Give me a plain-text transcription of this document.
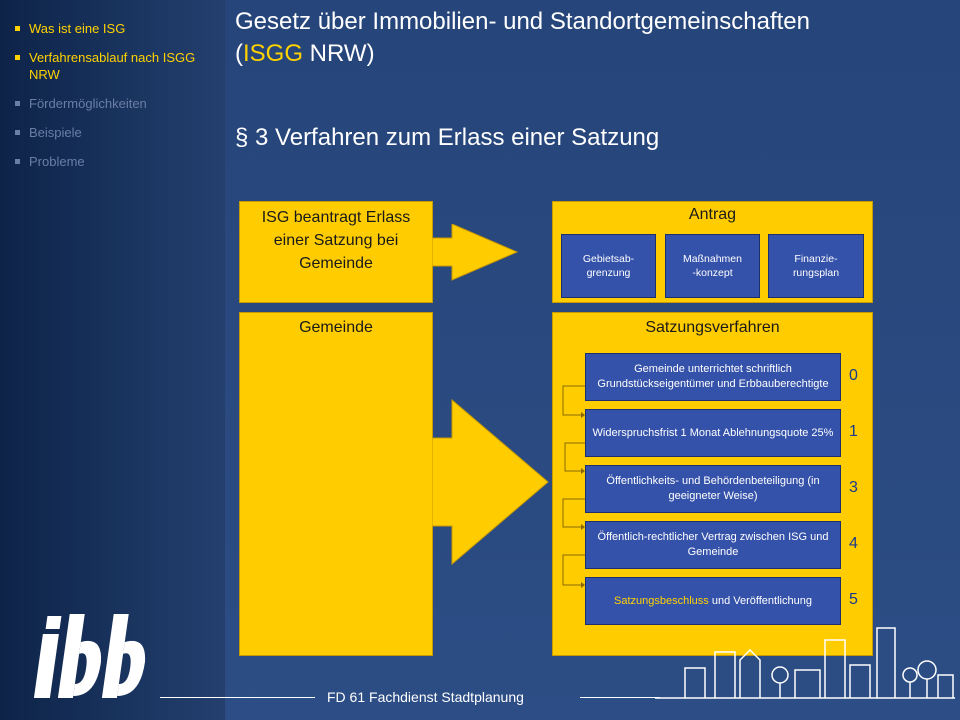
Was ist eine ISG
Verfahrensablauf nach ISGG NRW
Fördermöglichkeiten
Beispiele
Probleme
ibb
Gesetz über Immobilien- und Standortgemeinschaften
(ISGG NRW)
§ 3 Verfahren zum Erlass einer Satzung
ISG beantragt Erlass einer Satzung bei Gemeinde
Antrag
Gebietsab-
grenzung
Maßnahmen
-konzept
Finanzie-
rungsplan
Gemeinde	Satzungsverfahren
Gemeinde unterrichtet schriftlich Grundstückseigentümer und Erbbauberechtigte	0
Widerspruchsfrist 1 Monat Ablehnungsquote 25% 1
Öffentlichkeits- und Behördenbeteiligung (in geeigneter Weise)	3
Öffentlich-rechtlicher Vertrag zwischen ISG und Gemeinde	4
Satzungsbeschluss und Veröffentlichung 5
FD 61 Fachdienst Stadtplanung
